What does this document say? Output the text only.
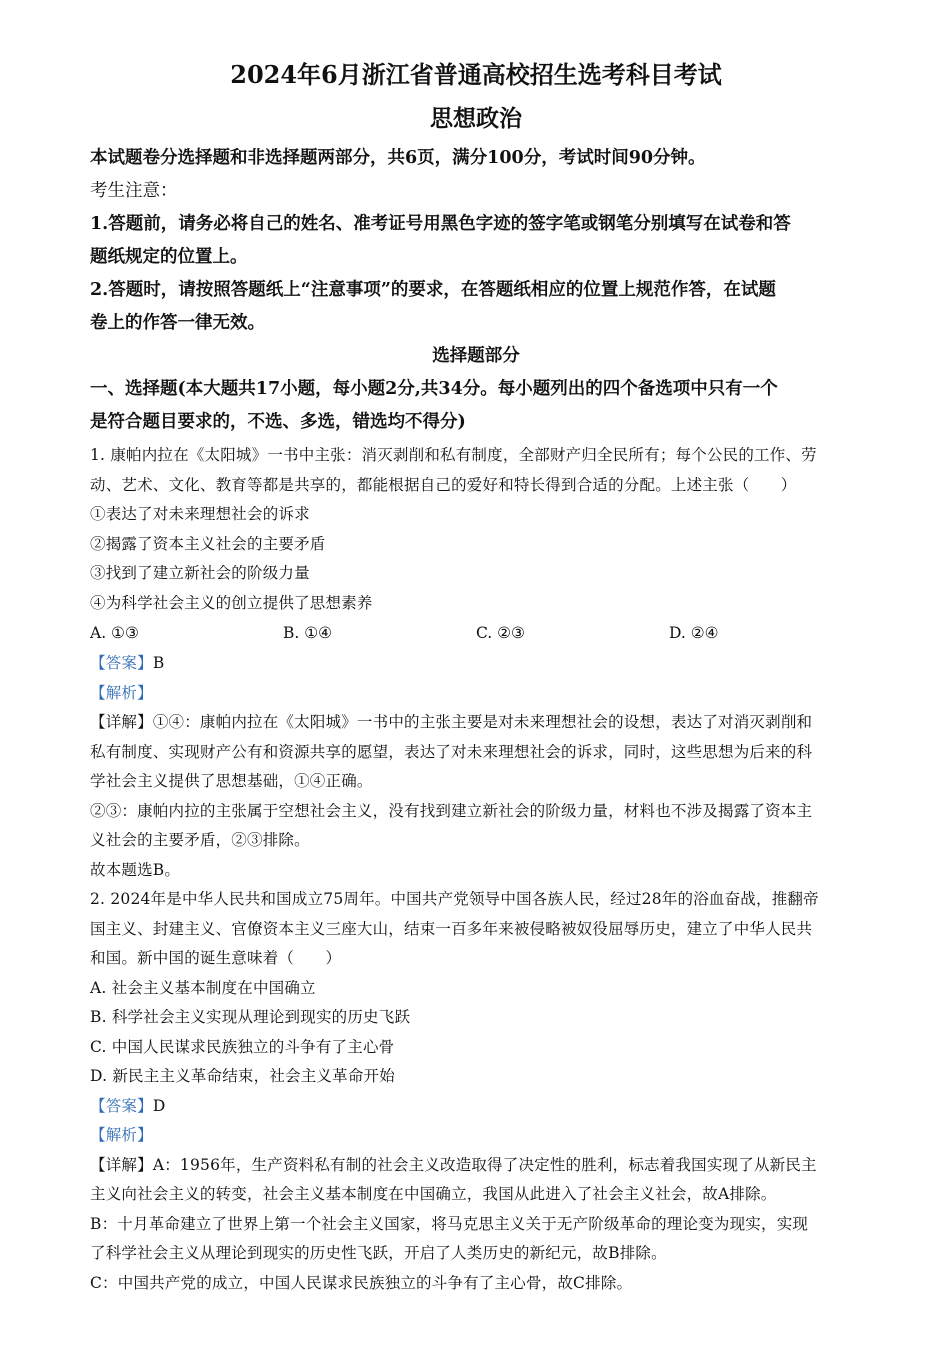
2024年6月浙江省普通高校招生选考科目考试
思想政治

本试题卷分选择题和非选择题两部分，共6页，满分100分，考试时间90分钟。

考生注意：

1.答题前，请务必将自己的姓名、准考证号用黑色字迹的签字笔或钢笔分别填写在试卷和答

题纸规定的位置上。

2.答题时，请按照答题纸上“注意事项”的要求，在答题纸相应的位置上规范作答，在试题

卷上的作答一律无效。

选择题部分

一、选择题(本大题共17小题，每小题2分,共34分。每小题列出的四个备选项中只有一个

是符合题目要求的，不选、多选，错选均不得分)

1. 康帕内拉在《太阳城》一书中主张：消灭剥削和私有制度，全部财产归全民所有；每个公民的工作、劳

动、艺术、文化、教育等都是共享的，都能根据自己的爱好和特长得到合适的分配。上述主张（　　）

①表达了对未来理想社会的诉求

②揭露了资本主义社会的主要矛盾

③找到了建立新社会的阶级力量

④为科学社会主义的创立提供了思想素养

A. ①③	B. ①④	C. ②③	D. ②④

【答案】B

【解析】

【详解】①④：康帕内拉在《太阳城》一书中的主张主要是对未来理想社会的设想，表达了对消灭剥削和

私有制度、实现财产公有和资源共享的愿望，表达了对未来理想社会的诉求，同时，这些思想为后来的科

学社会主义提供了思想基础，①④正确。

②③：康帕内拉的主张属于空想社会主义，没有找到建立新社会的阶级力量，材料也不涉及揭露了资本主

义社会的主要矛盾，②③排除。

故本题选B。

2. 2024年是中华人民共和国成立75周年。中国共产党领导中国各族人民，经过28年的浴血奋战，推翻帝

国主义、封建主义、官僚资本主义三座大山，结束一百多年来被侵略被奴役屈辱历史，建立了中华人民共

和国。新中国的诞生意味着（　　）

A. 社会主义基本制度在中国确立

B. 科学社会主义实现从理论到现实的历史飞跃

C. 中国人民谋求民族独立的斗争有了主心骨

D. 新民主主义革命结束，社会主义革命开始

【答案】D

【解析】

【详解】A：1956年，生产资料私有制的社会主义改造取得了决定性的胜利，标志着我国实现了从新民主

主义向社会主义的转变，社会主义基本制度在中国确立，我国从此进入了社会主义社会，故A排除。

B：十月革命建立了世界上第一个社会主义国家，将马克思主义关于无产阶级革命的理论变为现实，实现

了科学社会主义从理论到现实的历史性飞跃，开启了人类历史的新纪元，故B排除。

C：中国共产党的成立，中国人民谋求民族独立的斗争有了主心骨，故C排除。
